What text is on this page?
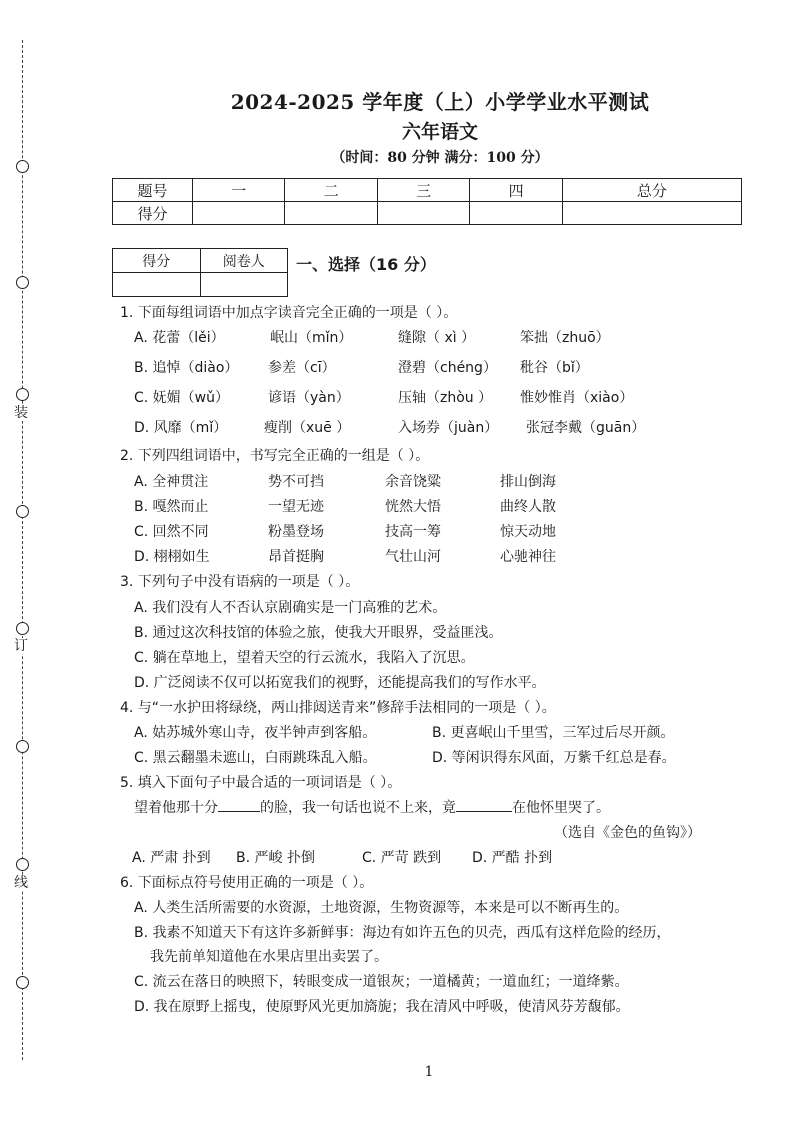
装
订
线
2024-2025 学年度（上）小学学业水平测试
六年语文
（时间：80 分钟 满分：100 分）
题号	一	二	三	四	总分
得分					
得分	阅卷人
	一、选择（16 分）
1. 下面每组词语中加点字读音完全正确的一项是（ ）。
A. 花蕾（lěi）	岷山（mǐn）	缝隙（ xì ）	笨拙（zhuō）
B. 追悼（diào） 参差（cī）	澄碧（chéng） 秕谷（bǐ）
C. 妩媚（wǔ）	谚语（yàn）	压轴（zhòu ） 惟妙惟肖（xiào）
D. 风靡（mǐ）	瘦削（xuē ）	入场券（juàn） 张冠李戴（guān）
2. 下列四组词语中，书写完全正确的一组是（ ）。
A. 全神贯注	势不可挡	余音饶粱	排山倒海
B. 嘎然而止	一望无迹	恍然大悟	曲终人散
C. 回然不同	粉墨登场	技高一筹	惊天动地
D. 栩栩如生	昂首挺胸	气壮山河	心驰神往
3. 下列句子中没有语病的一项是（ ）。
A. 我们没有人不否认京剧确实是一门高雅的艺术。
B. 通过这次科技馆的体验之旅，使我大开眼界，受益匪浅。
C. 躺在草地上，望着天空的行云流水，我陷入了沉思。
D. 广泛阅读不仅可以拓宽我们的视野，还能提高我们的写作水平。
4. 与“一水护田将绿绕，两山排闼送青来”修辞手法相同的一项是（ ）。
A. 姑苏城外寒山寺，夜半钟声到客船。	B. 更喜岷山千里雪，三军过后尽开颜。
C. 黑云翻墨未遮山，白雨跳珠乱入船。	D. 等闲识得东风面，万紫千红总是春。
5. 填入下面句子中最合适的一项词语是（ ）。
望着他那十分	的脸，我一句话也说不上来，竟	在他怀里哭了。
（选自《金色的鱼钩》）
A. 严肃 扑到 B. 严峻 扑倒	C. 严苛 跌到 D. 严酷 扑到
6. 下面标点符号使用正确的一项是（ ）。
A. 人类生活所需要的水资源，土地资源，生物资源等，本来是可以不断再生的。
B. 我素不知道天下有这许多新鲜事：海边有如许五色的贝壳，西瓜有这样危险的经历，
我先前单知道他在水果店里出卖罢了。
C. 流云在落日的映照下，转眼变成一道银灰；一道橘黄；一道血红；一道绛紫。
D. 我在原野上摇曳，使原野风光更加旖旎；我在清风中呼吸，使清风芬芳馥郁。
1
